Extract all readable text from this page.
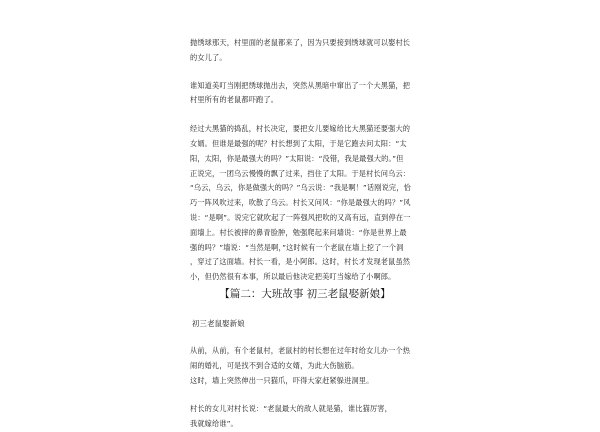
抛绣球那天，村里面的老鼠都来了，因为只要接到绣球就可以娶村长

的女儿了。

谁知道美叮当刚把绣球抛出去，突然从黑暗中窜出了一个大黑猫，把

村里所有的老鼠都吓跑了。

经过大黑猫的捣乱，村长决定，要把女儿要嫁给比大黑猫还要强大的

女婿。但谁是最强的呢？村长想到了太阳，于是它跑去问太阳：“太

阳，太阳，你是最强大的吗？”太阳说：“没错，我是最强大的。”但

正说完，一团乌云慢慢的飘了过来，挡住了太阳。于是村长问乌云：

“乌云，乌云，你是做强大的吗？”乌云说：“我是啊！”话刚说完，恰

巧一阵风吹过来，吹散了乌云。村长又问风：“你是最强大的吗？”风

说：“是啊”。说完它就吹起了一阵强风把吹的又高有远，直到停在一

面墙上。村长被摔的鼻青脸肿，勉强爬起来问墙说：“你是世界上最

强的吗？”墙说：“当然是啊，”这时候有一个老鼠在墙上挖了一个洞

，穿过了这面墙。村长一看，是小阿郎。这时，村长才发现老鼠虽然

小，但仍然很有本事，所以最后他决定把美叮当嫁给了小啊郎。

【篇二：大班故事 初三老鼠娶新娘】

初三老鼠娶新娘

从前，从前，有个老鼠村，老鼠村的村长想在过年时给女儿办一个热

闹的婚礼，可是找不到合适的女婿，为此大伤脑筋。

这时，墙上突然伸出一只猫爪，吓得大家赶紧躲进洞里。

村长的女儿对村长说：“老鼠最大的敌人就是猫，谁比猫厉害，

我就嫁给谁”。
